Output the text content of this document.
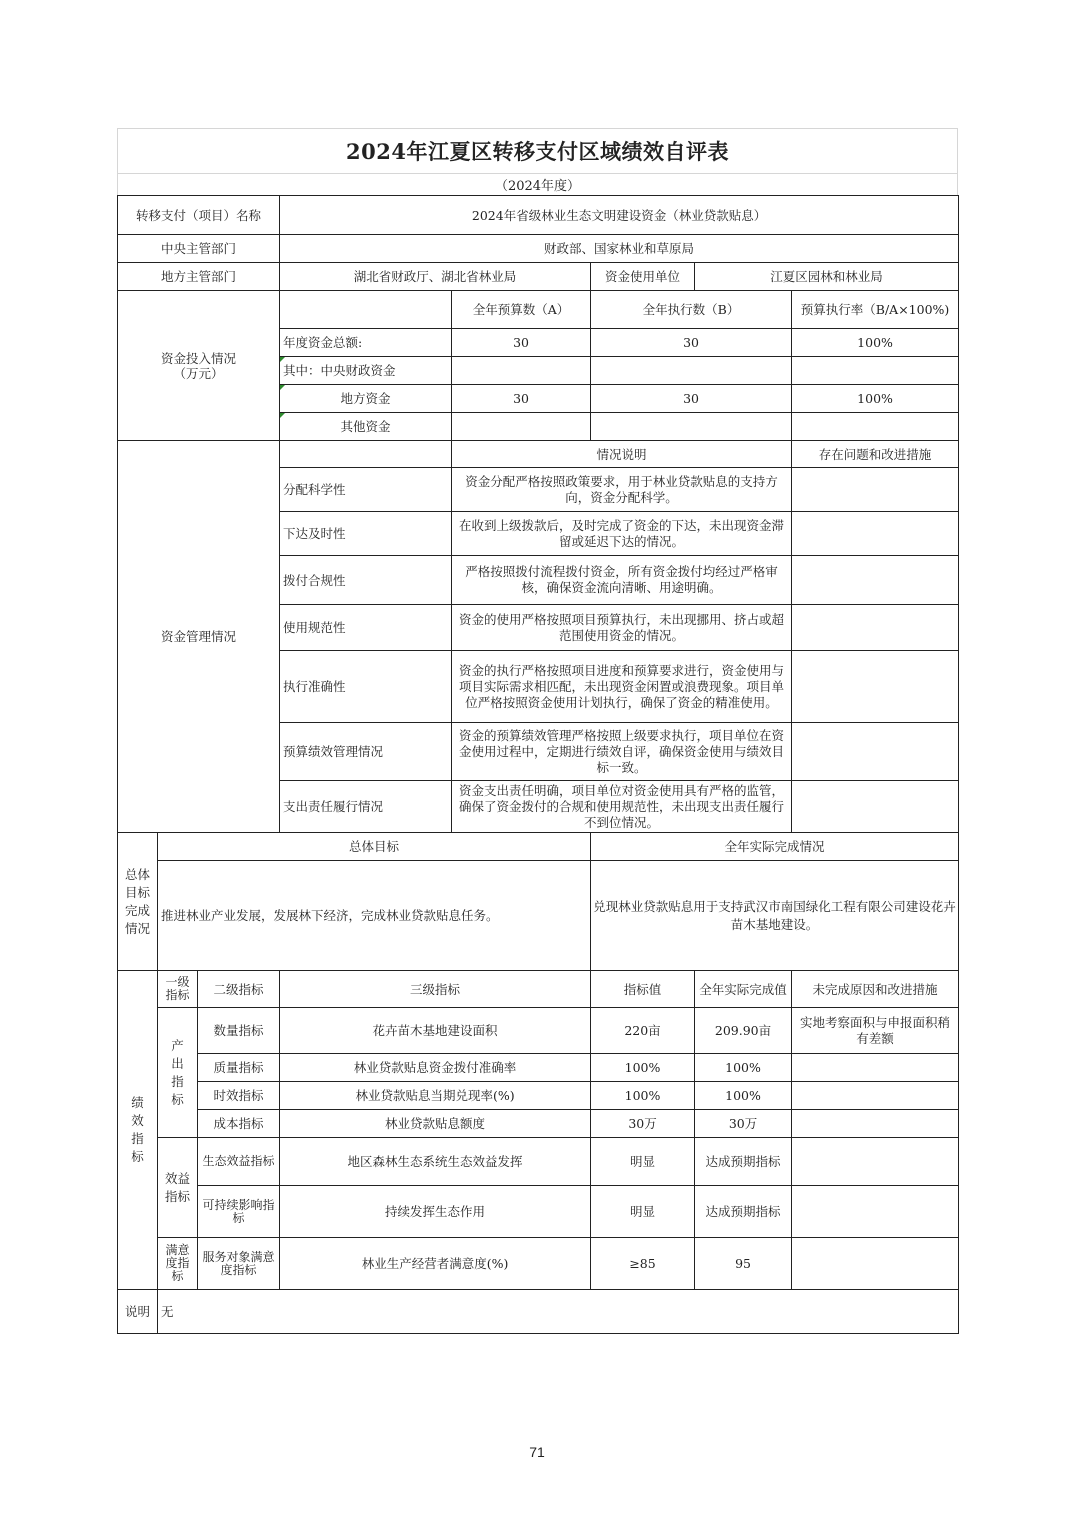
2024年江夏区转移支付区域绩效自评表
（2024年度）
转移支付（项目）名称			2024年省级林业生态文明建设资金（林业贷款贴息）				
中央主管部门			财政部、国家林业和草原局				
地方主管部门			湖北省财政厅、湖北省林业局		资金使用单位	江夏区园林和林业局	
资金投入情况
（万元）				全年预算数（A）	全年执行数（B）		预算执行率（B/A×100%)
			年度资金总额:	30	30		100%
			其中：中央财政资金				
			地方资金	30	30		100%
			其他资金				
资金管理情况				情况说明			存在问题和改进措施
			分配科学性	资金分配严格按照政策要求，用于林业贷款贴息的支持方向，资金分配科学。			
			下达及时性	在收到上级拨款后，及时完成了资金的下达，未出现资金滞留或延迟下达的情况。			
			拨付合规性	严格按照拨付流程拨付资金，所有资金拨付均经过严格审核，确保资金流向清晰、用途明确。			
			使用规范性	资金的使用严格按照项目预算执行，未出现挪用、挤占或超范围使用资金的情况。			
			执行准确性	资金的执行严格按照项目进度和预算要求进行，资金使用与项目实际需求相匹配，未出现资金闲置或浪费现象。项目单位严格按照资金使用计划执行，确保了资金的精准使用。			
			预算绩效管理情况	资金的预算绩效管理严格按照上级要求执行，项目单位在资金使用过程中，定期进行绩效自评，确保资金使用与绩效目标一致。			
			支出责任履行情况	资金支出责任明确，项目单位对资金使用具有严格的监管，确保了资金拨付的合规和使用规范性，未出现支出责任履行不到位情况。			
总体目标完成情况	总体目标				全年实际完成情况		
	推进林业产业发展，发展林下经济，完成林业贷款贴息任务。				兑现林业贷款贴息用于支持武汉市南国绿化工程有限公司建设花卉苗木基地建设。		
绩效指标	一级指标	二级指标	三级指标		指标值	全年实际完成值	未完成原因和改进措施
	产出指标	数量指标	花卉苗木基地建设面积		220亩	209.90亩	实地考察面积与申报面积稍有差额
		质量指标	林业贷款贴息资金拨付准确率		100%	100%	
		时效指标	林业贷款贴息当期兑现率(%)		100%	100%	
		成本指标	林业贷款贴息额度		30万	30万	
	效益指标	生态效益指标	地区森林生态系统生态效益发挥		明显	达成预期指标	
		可持续影响指标	持续发挥生态作用		明显	达成预期指标	
	满意度指标	服务对象满意度指标	林业生产经营者满意度(%)		≥85	95	
说明	无						
71
